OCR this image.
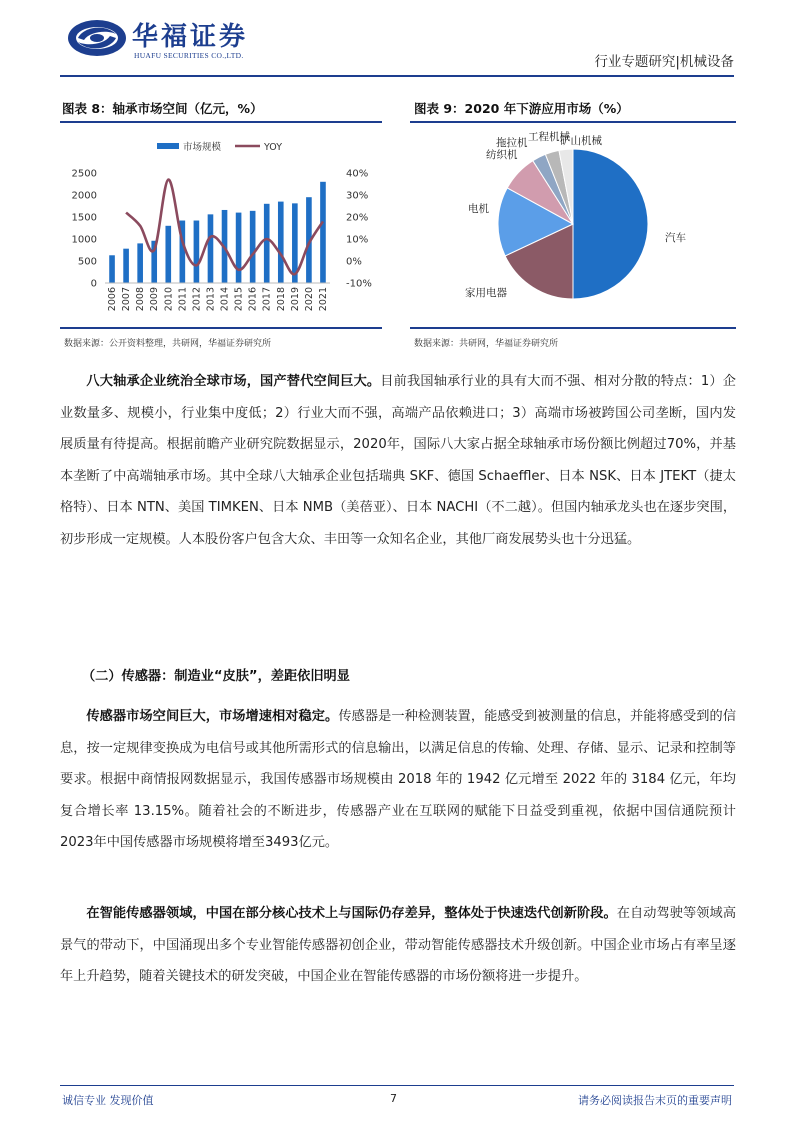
华福证券
HUAFU SECURITIES CO.,LTD.	行业专题研究|机械设备
图表 8：轴承市场空间（亿元，%）
市场规模	YOY
0
500
1000
1500
2000
2500
-10%
0%
10%
20%
30%
40%
2006 2007 2008 2009 2010 2011 2012 2013 2014 2015 2016 2017 2018 2019 2020 2021
数据来源：公开资料整理，共研网，华福证券研究所
图表 9：2020 年下游应用市场（%）
汽车
家用电器
电机
纺织机
拖拉机 工程机械
矿山机械
数据来源：共研网，华福证券研究所
八大轴承企业统治全球市场，国产替代空间巨大。目前我国轴承行业的具有大而不强、相对分散的特点：1）企业数量多、规模小，行业集中度低；2）行业大而不强，高端产品依赖进口；3）高端市场被跨国公司垄断，国内发展质量有待提高。根据前瞻产业研究院数据显示，2020年，国际八大家占据全球轴承市场份额比例超过70%，并基本垄断了中高端轴承市场。其中全球八大轴承企业包括瑞典 SKF、德国 Schaeffler、日本 NSK、日本 JTEKT（捷太格特）、日本 NTN、美国 TIMKEN、日本 NMB（美蓓亚）、日本 NACHI（不二越）。但国内轴承龙头也在逐步突围，初步形成一定规模。人本股份客户包含大众、丰田等一众知名企业，其他厂商发展势头也十分迅猛。
（二）传感器：制造业“皮肤”，差距依旧明显
传感器市场空间巨大，市场增速相对稳定。传感器是一种检测装置，能感受到被测量的信息，并能将感受到的信息，按一定规律变换成为电信号或其他所需形式的信息输出，以满足信息的传输、处理、存储、显示、记录和控制等要求。根据中商情报网数据显示，我国传感器市场规模由 2018 年的 1942 亿元增至 2022 年的 3184 亿元，年均复合增长率 13.15%。随着社会的不断进步，传感器产业在互联网的赋能下日益受到重视，依据中国信通院预计2023年中国传感器市场规模将增至3493亿元。
在智能传感器领域，中国在部分核心技术上与国际仍存差异，整体处于快速迭代创新阶段。在自动驾驶等领域高景气的带动下，中国涌现出多个专业智能传感器初创企业，带动智能传感器技术升级创新。中国企业市场占有率呈逐年上升趋势，随着关键技术的研发突破，中国企业在智能传感器的市场份额将进一步提升。
诚信专业 发现价值	7	请务必阅读报告末页的重要声明
